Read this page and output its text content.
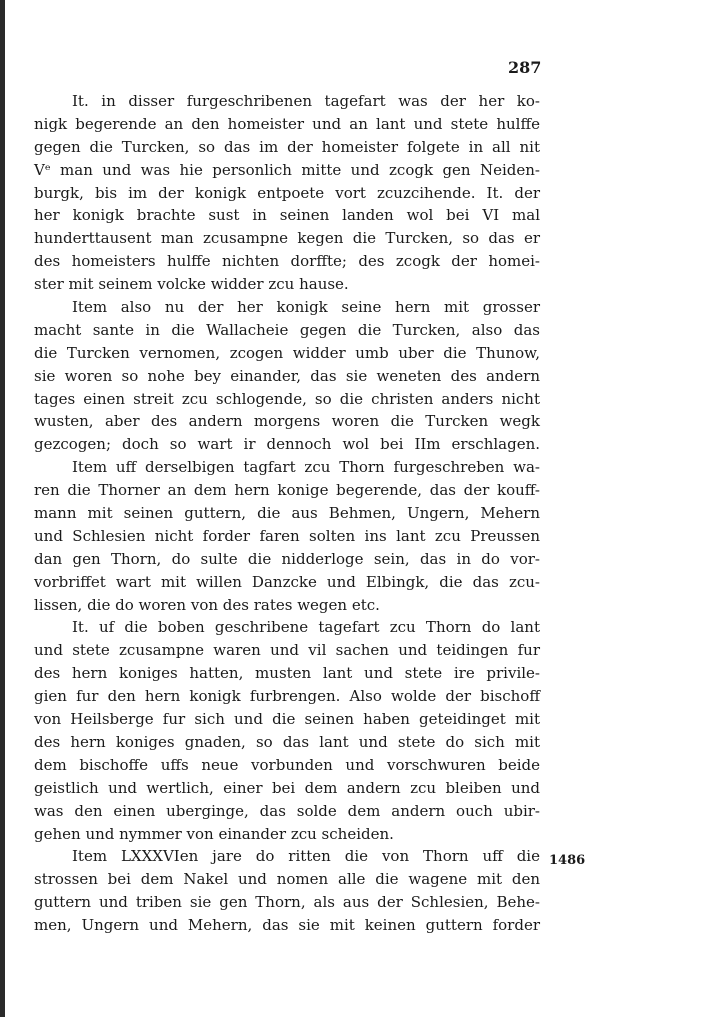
287
1486
It. in disser furgeschribenen tagefart was der her ko-
nigk begerende an den homeister und an lant und stete hulffe
gegen die Turcken, so das im der homeister folgete in all nit
Vᵉ man und was hie personlich mitte und zcogk gen Neiden-
burgk, bis im der konigk entpoete vort zcuzcihende. It. der
her konigk brachte sust in seinen landen wol bei VI mal
hunderttausent man zcusampne kegen die Turcken, so das er
des homeisters hulffe nichten dorffte; des zcogk der homei-
ster mit seinem volcke widder zcu hause.
Item also nu der her konigk seine hern mit grosser
macht sante in die Wallacheie gegen die Turcken, also das
die Turcken vernomen, zcogen widder umb uber die Thunow,
sie woren so nohe bey einander, das sie weneten des andern
tages einen streit zcu schlogende, so die christen anders nicht
wusten, aber des andern morgens woren die Turcken wegk
gezcogen; doch so wart ir dennoch wol bei IIm erschlagen.
Item uff derselbigen tagfart zcu Thorn furgeschreben wa-
ren die Thorner an dem hern konige begerende, das der kouff-
mann mit seinen guttern, die aus Behmen, Ungern, Mehern
und Schlesien nicht forder faren solten ins lant zcu Preussen
dan gen Thorn, do sulte die nidderloge sein, das in do vor-
vorbriffet wart mit willen Danzcke und Elbingk, die das zcu-
lissen, die do woren von des rates wegen etc.
It. uf die boben geschribene tagefart zcu Thorn do lant
und stete zcusampne waren und vil sachen und teidingen fur
des hern koniges hatten, musten lant und stete ire privile-
gien fur den hern konigk furbrengen. Also wolde der bischoff
von Heilsberge fur sich und die seinen haben geteidinget mit
des hern koniges gnaden, so das lant und stete do sich mit
dem bischoffe uffs neue vorbunden und vorschwuren beide
geistlich und wertlich, einer bei dem andern zcu bleiben und
was den einen uberginge, das solde dem andern ouch ubir-
gehen und nymmer von einander zcu scheiden.
Item LXXXVIen jare do ritten die von Thorn uff die
strossen bei dem Nakel und nomen alle die wagene mit den
guttern und triben sie gen Thorn, als aus der Schlesien, Behe-
men, Ungern und Mehern, das sie mit keinen guttern forder
